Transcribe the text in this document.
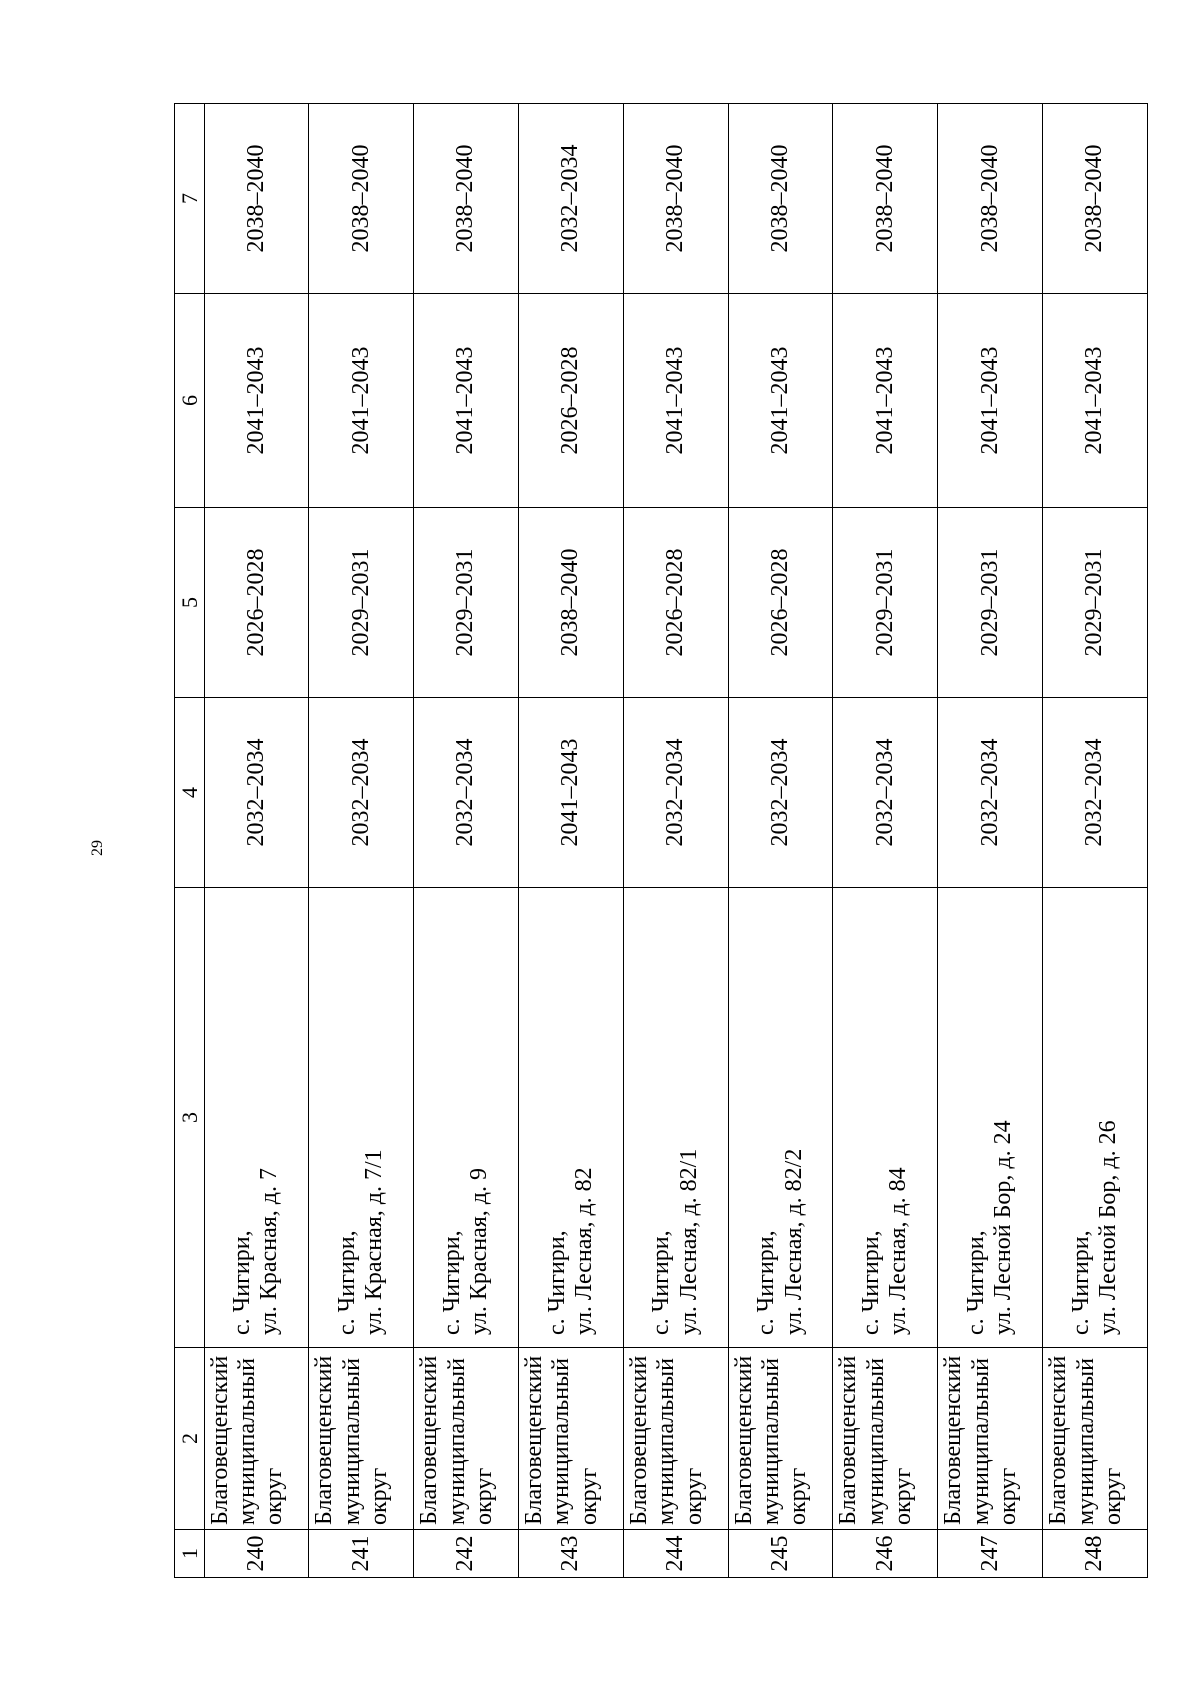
29
1	2	3	4	5	6	7
240	Благовещенский муниципальный округ	с. Чигири, ул. Красная, д. 7	2032–2034	2026–2028	2041–2043	2038–2040
241	Благовещенский муниципальный округ	с. Чигири, ул. Красная, д. 7/1	2032–2034	2029–2031	2041–2043	2038–2040
242	Благовещенский муниципальный округ	с. Чигири, ул. Красная, д. 9	2032–2034	2029–2031	2041–2043	2038–2040
243	Благовещенский муниципальный округ	с. Чигири, ул. Лесная, д. 82	2041–2043	2038–2040	2026–2028	2032–2034
244	Благовещенский муниципальный округ	с. Чигири, ул. Лесная, д. 82/1	2032–2034	2026–2028	2041–2043	2038–2040
245	Благовещенский муниципальный округ	с. Чигири, ул. Лесная, д. 82/2	2032–2034	2026–2028	2041–2043	2038–2040
246	Благовещенский муниципальный округ	с. Чигири, ул. Лесная, д. 84	2032–2034	2029–2031	2041–2043	2038–2040
247	Благовещенский муниципальный округ	с. Чигири, ул. Лесной Бор, д. 24	2032–2034	2029–2031	2041–2043	2038–2040
248	Благовещенский муниципальный округ	с. Чигири, ул. Лесной Бор, д. 26	2032–2034	2029–2031	2041–2043	2038–2040
